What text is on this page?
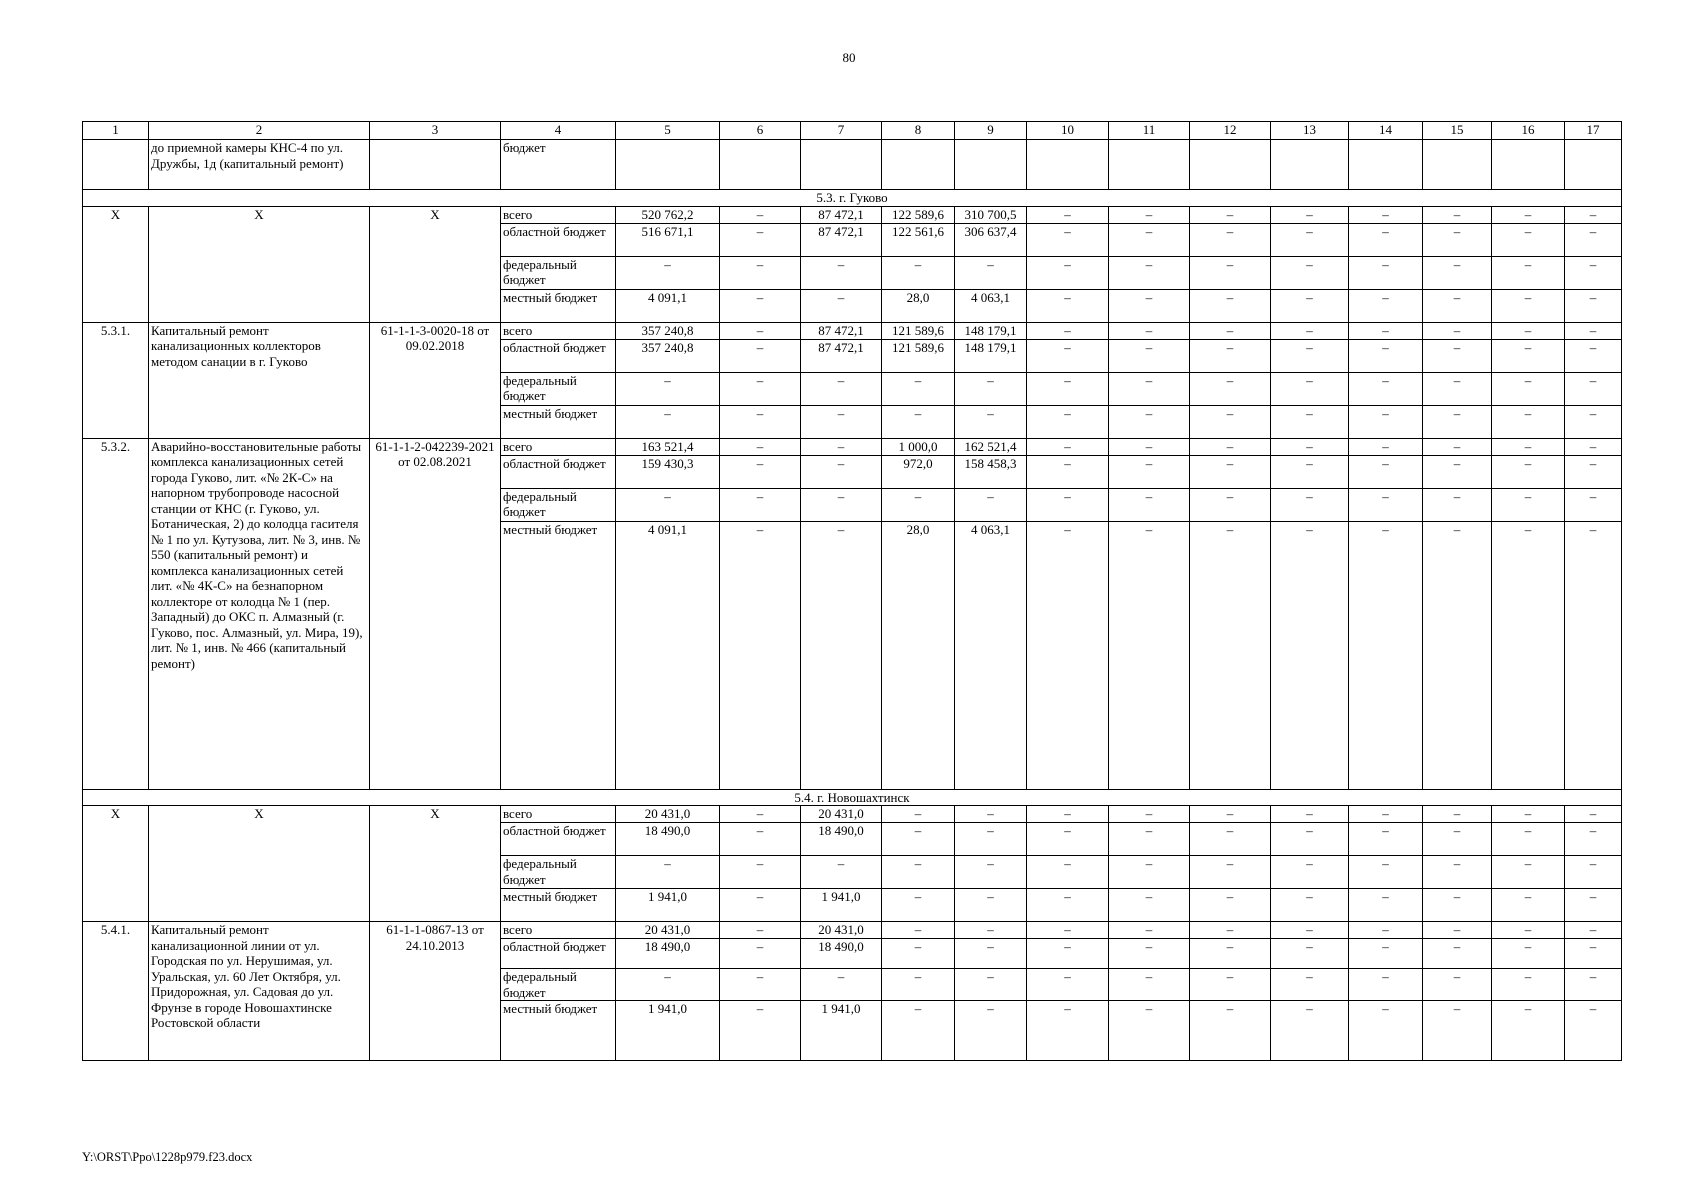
80
1	2	3	4	5	6	7	8	9	10	11	12	13	14	15	16	17
	до приемной камеры КНС-4 по ул. Дружбы, 1д (капитальный ремонт)		бюджет													
5.3. г. Гуково																
Х	Х	Х	всего	520 762,2	–	87 472,1	122 589,6	310 700,5	–	–	–	–	–	–	–	–
			областной бюджет	516 671,1	–	87 472,1	122 561,6	306 637,4	–	–	–	–	–	–	–	–
			федеральный бюджет	–	–	–	–	–	–	–	–	–	–	–	–	–
			местный бюджет	4 091,1	–	–	28,0	4 063,1	–	–	–	–	–	–	–	–
5.3.1.	Капитальный ремонт канализационных коллекторов методом санации в г. Гуково	61-1-1-3-0020-18 от 09.02.2018	всего	357 240,8	–	87 472,1	121 589,6	148 179,1	–	–	–	–	–	–	–	–
			областной бюджет	357 240,8	–	87 472,1	121 589,6	148 179,1	–	–	–	–	–	–	–	–
			федеральный бюджет	–	–	–	–	–	–	–	–	–	–	–	–	–
			местный бюджет	–	–	–	–	–	–	–	–	–	–	–	–	–
5.3.2.	Аварийно-восстановительные работы комплекса канализационных сетей города Гуково, лит. «№ 2К-С» на напорном трубопроводе насосной станции от КНС (г. Гуково, ул. Ботаническая, 2) до колодца гасителя № 1 по ул. Кутузова, лит. № 3, инв. № 550 (капитальный ремонт) и комплекса канализационных сетей лит. «№ 4К-С» на безнапорном коллекторе от колодца № 1 (пер. Западный) до ОКС п. Алмазный (г. Гуково, пос. Алмазный, ул. Мира, 19), лит. № 1, инв. № 466 (капитальный ремонт)	61-1-1-2-042239-2021 от 02.08.2021	всего	163 521,4	–	–	1 000,0	162 521,4	–	–	–	–	–	–	–	–
			областной бюджет	159 430,3	–	–	972,0	158 458,3	–	–	–	–	–	–	–	–
			федеральный бюджет	–	–	–	–	–	–	–	–	–	–	–	–	–
			местный бюджет	4 091,1	–	–	28,0	4 063,1	–	–	–	–	–	–	–	–
5.4. г. Новошахтинск																
Х	Х	Х	всего	20 431,0	–	20 431,0	–	–	–	–	–	–	–	–	–	–
			областной бюджет	18 490,0	–	18 490,0	–	–	–	–	–	–	–	–	–	–
			федеральный бюджет	–	–	–	–	–	–	–	–	–	–	–	–	–
			местный бюджет	1 941,0	–	1 941,0	–	–	–	–	–	–	–	–	–	–
5.4.1.	Капитальный ремонт канализационной линии от ул. Городская по ул. Нерушимая, ул. Уральская, ул. 60 Лет Октября, ул. Придорожная, ул. Садовая до ул. Фрунзе в городе Новошахтинске Ростовской области	61-1-1-0867-13 от 24.10.2013	всего	20 431,0	–	20 431,0	–	–	–	–	–	–	–	–	–	–
			областной бюджет	18 490,0	–	18 490,0	–	–	–	–	–	–	–	–	–	–
			федеральный бюджет	–	–	–	–	–	–	–	–	–	–	–	–	–
			местный бюджет	1 941,0	–	1 941,0	–	–	–	–	–	–	–	–	–	–
Y:\ORST\Ppo\1228p979.f23.docx
